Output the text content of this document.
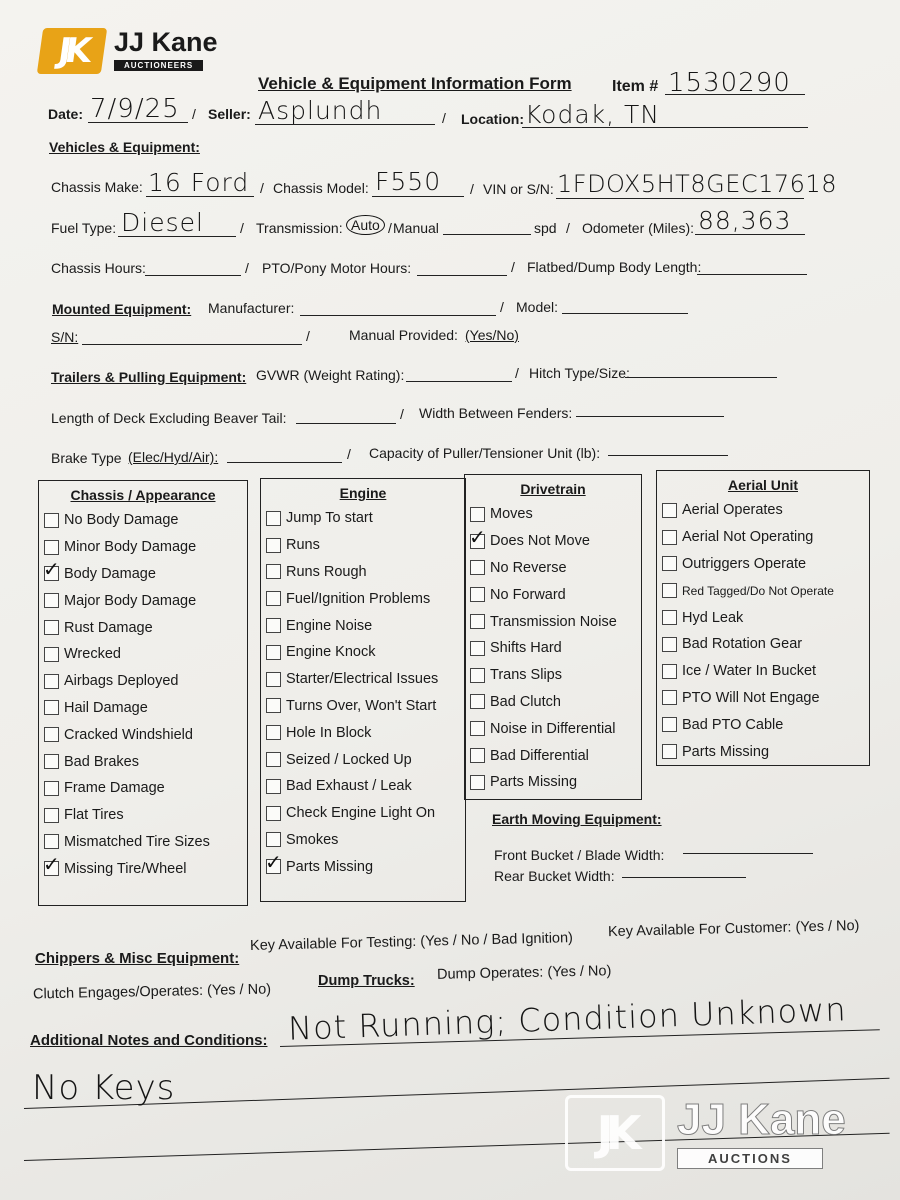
JK JJ Kane
AUCTIONEERS
Vehicle & Equipment Information Form	Item # 1530290
Date: 7/9/25 / Seller: Asplundh	/ Location: Kodak, TN
Vehicles & Equipment:
Chassis Make: 16 Ford / Chassis Model: F550 / VIN or S/N: 1FDOX5HT8GEC17618
Fuel Type: Diesel	/ Transmission: Auto / Manual	spd / Odometer (Miles): 88,363
Chassis Hours:	/ PTO/Pony Motor Hours:	/ Flatbed/Dump Body Length:
Mounted Equipment: Manufacturer:	/ Model:
S/N:	/	Manual Provided: (Yes/No)
Trailers & Pulling Equipment: GVWR (Weight Rating):	/ Hitch Type/Size:
Length of Deck Excluding Beaver Tail:	/ Width Between Fenders:
Brake Type (Elec/Hyd/Air):	/ Capacity of Puller/Tensioner Unit (lb):
Chassis / Appearance
No Body Damage
Minor Body Damage
✓
Body Damage
Major Body Damage
Rust Damage
Wrecked
Airbags Deployed
Hail Damage
Cracked Windshield
Bad Brakes
Frame Damage
Flat Tires
Mismatched Tire Sizes
✓
Missing Tire/Wheel
Engine
Jump To start
Runs
Runs Rough
Fuel/Ignition Problems
Engine Noise
Engine Knock
Starter/Electrical Issues
Turns Over, Won't Start
Hole In Block
Seized / Locked Up
Bad Exhaust / Leak
Check Engine Light On
Smokes
✓
Parts Missing
Drivetrain
Moves
✓
Does Not Move
No Reverse
No Forward
Transmission Noise
Shifts Hard
Trans Slips
Bad Clutch
Noise in Differential
Bad Differential
Parts Missing
Aerial Unit
Aerial Operates
Aerial Not Operating
Outriggers Operate
Red Tagged/Do Not Operate
Hyd Leak
Bad Rotation Gear
Ice / Water In Bucket
PTO Will Not Engage
Bad PTO Cable
Parts Missing
Earth Moving Equipment:
Front Bucket / Blade Width:
Rear Bucket Width:
Chippers & Misc Equipment:
Key Available For Testing: (Yes / No / Bad Ignition)
Key Available For Customer: (Yes / No)
Clutch Engages/Operates: (Yes / No)
Dump Trucks: Dump Operates: (Yes / No)
Additional Notes and Conditions: Not Running; Condition Unknown
No Keys
JK JJ Kane
AUCTIONS
